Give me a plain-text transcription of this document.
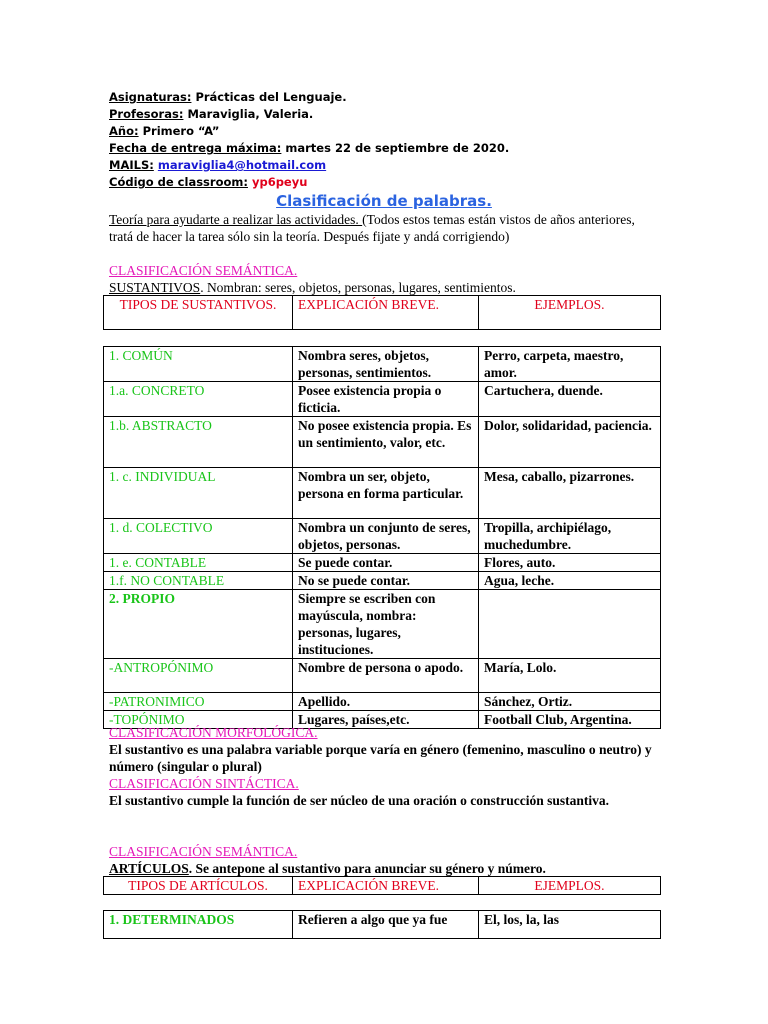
Asignaturas: Prácticas del Lenguaje.
Profesoras: Maraviglia, Valeria.
Año: Primero “A”
Fecha de entrega máxima: martes 22 de septiembre de 2020.
MAILS: maraviglia4@hotmail.com
Código de classroom: yp6peyu
Clasificación de palabras.
Teoría para ayudarte a realizar las actividades. (Todos estos temas están vistos de años anteriores, tratá de hacer la tarea sólo sin la teoría. Después fijate y andá corrigiendo)
CLASIFICACIÓN SEMÁNTICA.
SUSTANTIVOS. Nombran: seres, objetos, personas, lugares, sentimientos.
TIPOS DE SUSTANTIVOS.	EXPLICACIÓN BREVE.	EJEMPLOS.
1. COMÚN	Nombra seres, objetos, personas, sentimientos.	Perro, carpeta, maestro, amor.
1.a. CONCRETO	Posee existencia propia o ficticia.	Cartuchera, duende.
1.b. ABSTRACTO	No posee existencia propia. Es un sentimiento, valor, etc.	Dolor, solidaridad, paciencia.
1. c. INDIVIDUAL	Nombra un ser, objeto, persona en forma particular.	Mesa, caballo, pizarrones.
1. d. COLECTIVO	Nombra un conjunto de seres, objetos, personas.	Tropilla, archipiélago, muchedumbre.
1. e. CONTABLE	Se puede contar.	Flores, auto.
1.f. NO CONTABLE	No se puede contar.	Agua, leche.
2. PROPIO	Siempre se escriben con mayúscula, nombra: personas, lugares, instituciones.	
-ANTROPÓNIMO	Nombre de persona o apodo.	María, Lolo.
-PATRONIMICO	Apellido.	Sánchez, Ortiz.
-TOPÓNIMO	Lugares, países,etc.	Football Club, Argentina.
CLASIFICACIÓN MORFOLÓGICA.
El sustantivo es una palabra variable porque varía en género (femenino, masculino o neutro) y número (singular o plural)
CLASIFICACIÓN SINTÁCTICA.
El sustantivo cumple la función de ser núcleo de una oración o construcción sustantiva.
CLASIFICACIÓN SEMÁNTICA.
ARTÍCULOS. Se antepone al sustantivo para anunciar su género y número.
TIPOS DE ARTÍCULOS.	EXPLICACIÓN BREVE.	EJEMPLOS.
1. DETERMINADOS	Refieren a algo que ya fue	El, los, la, las
